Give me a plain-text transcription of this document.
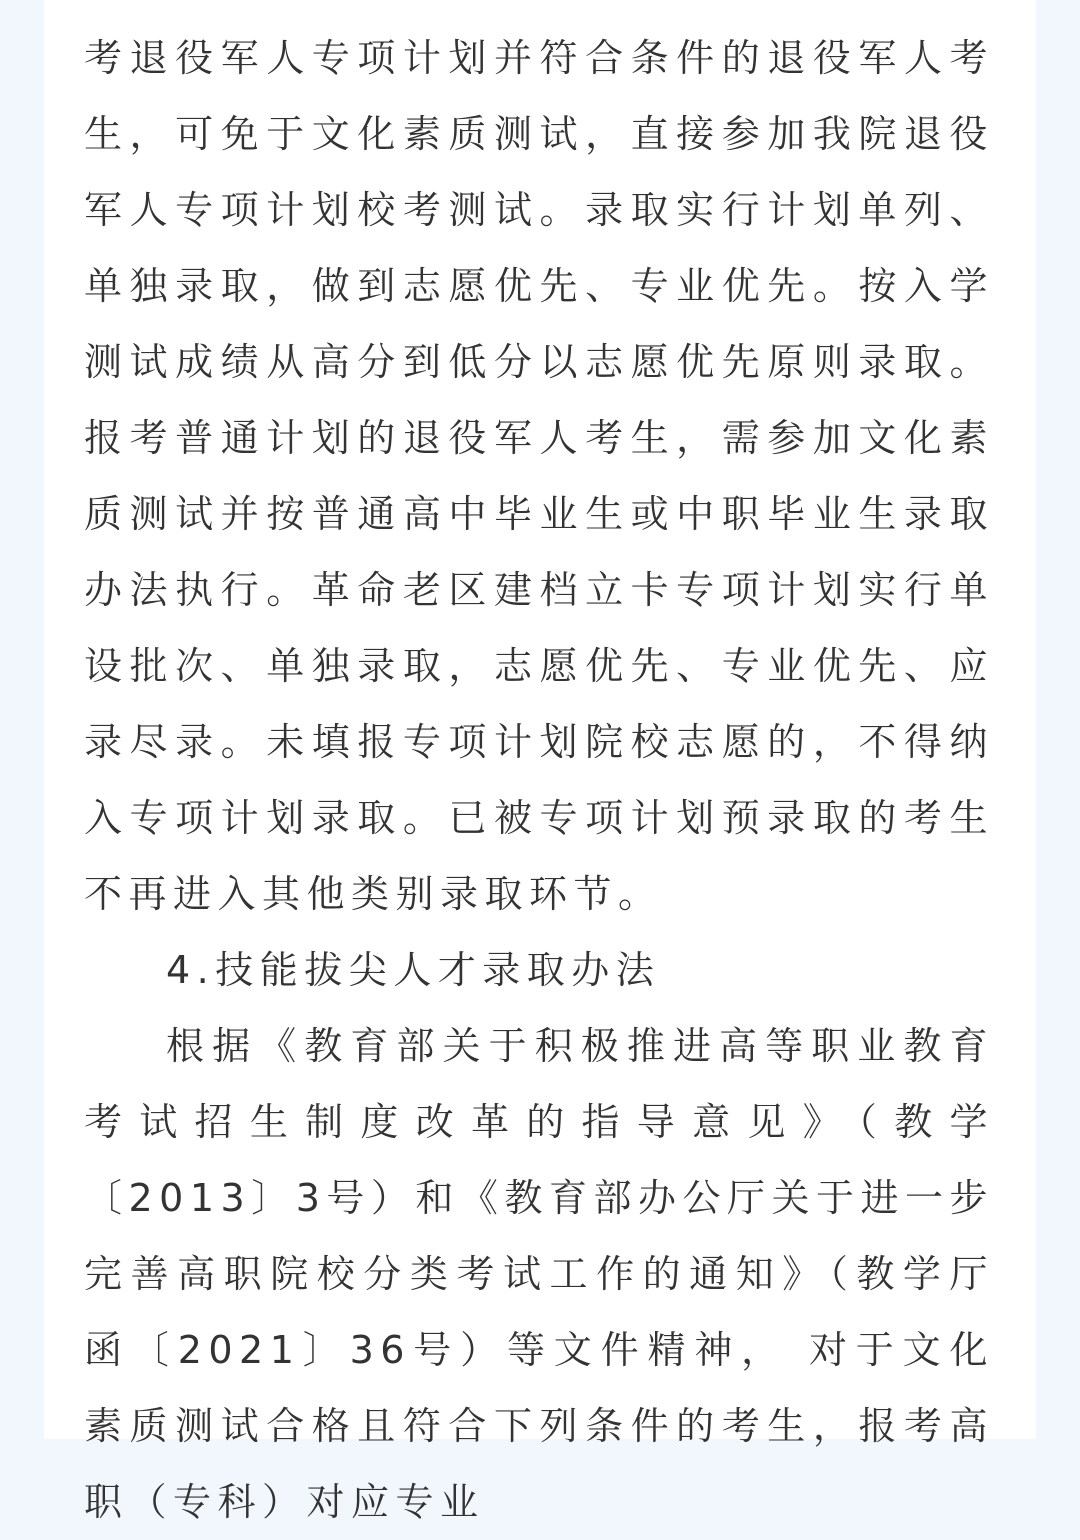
考退役军人专项计划并符合条件的退役军人考生，可免于文化素质测试，直接参加我院退役军人专项计划校考测试。录取实行计划单列、单独录取，做到志愿优先、专业优先。按入学测试成绩从高分到低分以志愿优先原则录取。报考普通计划的退役军人考生，需参加文化素质测试并按普通高中毕业生或中职毕业生录取办法执行。革命老区建档立卡专项计划实行单设批次、单独录取，志愿优先、专业优先、应录尽录。未填报专项计划院校志愿的，不得纳入专项计划录取。已被专项计划预录取的考生不再进入其他类别录取环节。

4.技能拔尖人才录取办法

根据《教育部关于积极推进高等职业教育考试招生制度改革的指导意见》（教学〔2013〕3号）和《教育部办公厅关于进一步完善高职院校分类考试工作的通知》（教学厅函〔2021〕36号）等文件精神， 对于文化素质测试合格且符合下列条件的考生，报考高职（专科）对应专业
